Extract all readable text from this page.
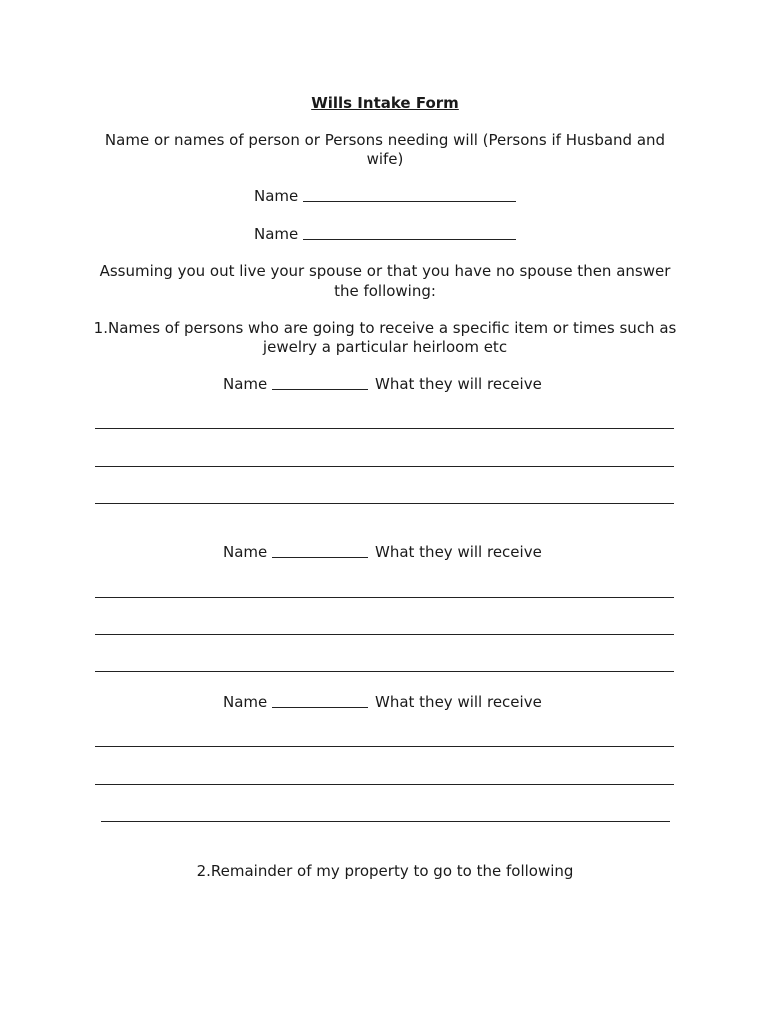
Wills Intake Form
Name or names of person or Persons needing will (Persons if Husband and
wife)
Name
Name
Assuming you out live your spouse or that you have no spouse then answer
the following:
1.Names of persons who are going to receive a specific item or times such as
jewelry a particular heirloom etc
Name	What they will receive
Name	What they will receive
Name	What they will receive
2.Remainder of my property to go to the following
